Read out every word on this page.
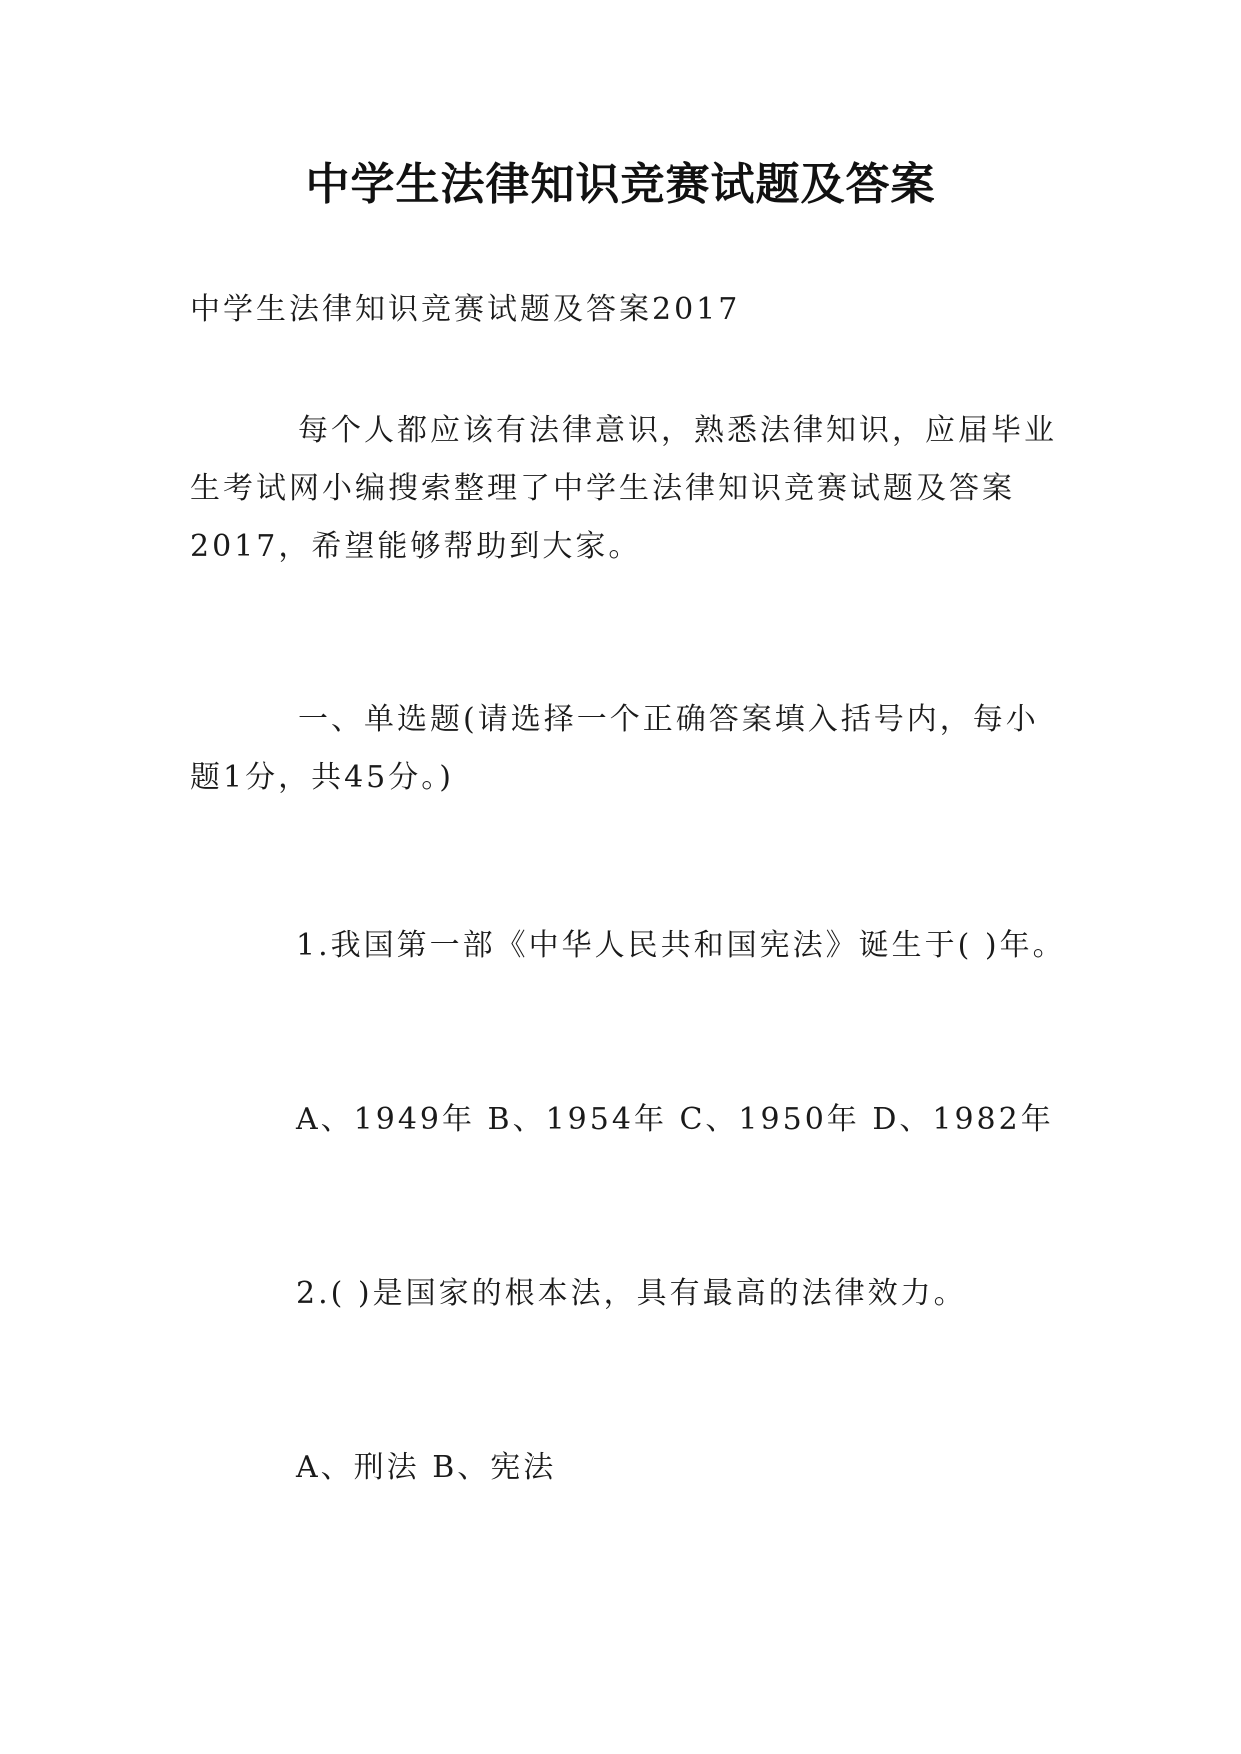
中学生法律知识竞赛试题及答案
中学生法律知识竞赛试题及答案2017
每个人都应该有法律意识，熟悉法律知识，应届毕业生考试网小编搜索整理了中学生法律知识竞赛试题及答案2017，希望能够帮助到大家。
一、单选题(请选择一个正确答案填入括号内，每小题1分，共45分。)
1.我国第一部《中华人民共和国宪法》诞生于( )年。
A、1949年 B、1954年 C、1950年 D、1982年
2.( )是国家的根本法，具有最高的法律效力。
A、刑法 B、宪法
